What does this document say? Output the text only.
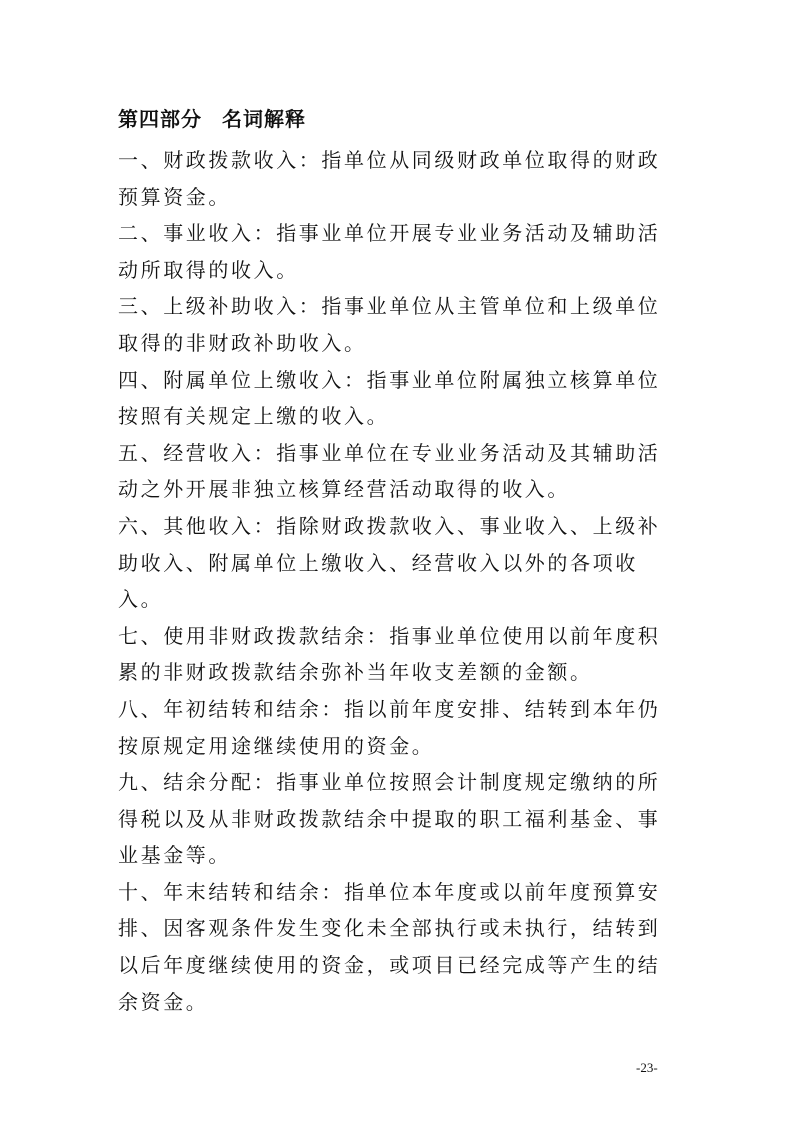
第四部分 名词解释

一、财政拨款收入：指单位从同级财政单位取得的财政预算资金。

二、事业收入：指事业单位开展专业业务活动及辅助活动所取得的收入。

三、上级补助收入：指事业单位从主管单位和上级单位取得的非财政补助收入。

四、附属单位上缴收入：指事业单位附属独立核算单位按照有关规定上缴的收入。

五、经营收入：指事业单位在专业业务活动及其辅助活动之外开展非独立核算经营活动取得的收入。

六、其他收入：指除财政拨款收入、事业收入、上级补助收入、附属单位上缴收入、经营收入以外的各项收入。

七、使用非财政拨款结余：指事业单位使用以前年度积累的非财政拨款结余弥补当年收支差额的金额。

八、年初结转和结余：指以前年度安排、结转到本年仍按原规定用途继续使用的资金。

九、结余分配：指事业单位按照会计制度规定缴纳的所得税以及从非财政拨款结余中提取的职工福利基金、事业基金等。

十、年末结转和结余：指单位本年度或以前年度预算安排、因客观条件发生变化未全部执行或未执行，结转到以后年度继续使用的资金，或项目已经完成等产生的结余资金。

-23-
